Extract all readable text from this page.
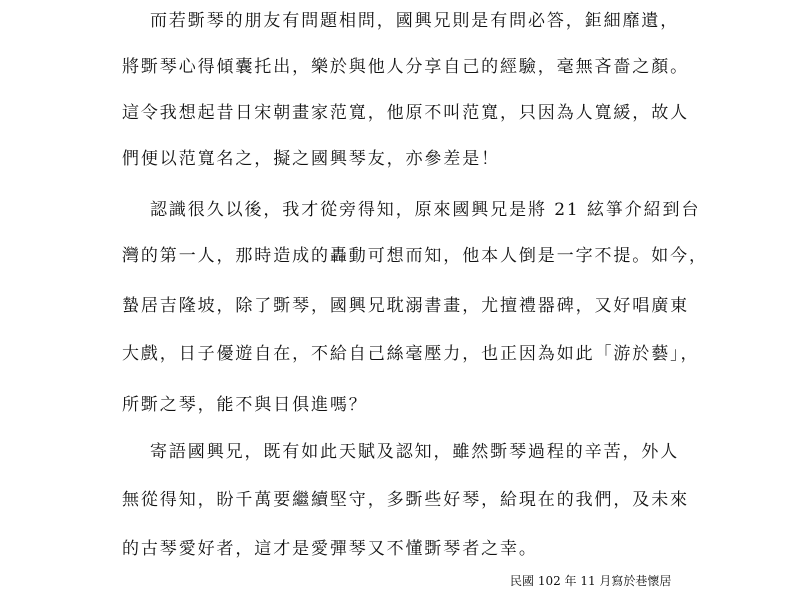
而若斲琴的朋友有問題相問，國興兄則是有問必答，鉅細靡遺，
將斲琴心得傾囊托出，樂於與他人分享自己的經驗，毫無吝嗇之顏。
這令我想起昔日宋朝畫家范寬，他原不叫范寬，只因為人寬緩，故人
們便以范寬名之，擬之國興琴友，亦參差是！
認識很久以後，我才從旁得知，原來國興兄是將 21 絃箏介紹到台
灣的第一人，那時造成的轟動可想而知，他本人倒是一字不提。如今，
蟄居吉隆坡，除了斲琴，國興兄耽溺書畫，尤擅禮器碑，又好唱廣東
大戲，日子優遊自在，不給自己絲毫壓力，也正因為如此「游於藝」，
所斲之琴，能不與日俱進嗎？
寄語國興兄，既有如此天賦及認知，雖然斲琴過程的辛苦，外人
無從得知，盼千萬要繼續堅守，多斲些好琴，給現在的我們，及未來
的古琴愛好者，這才是愛彈琴又不懂斲琴者之幸。
民國 102 年 11 月寫於巷懷居
